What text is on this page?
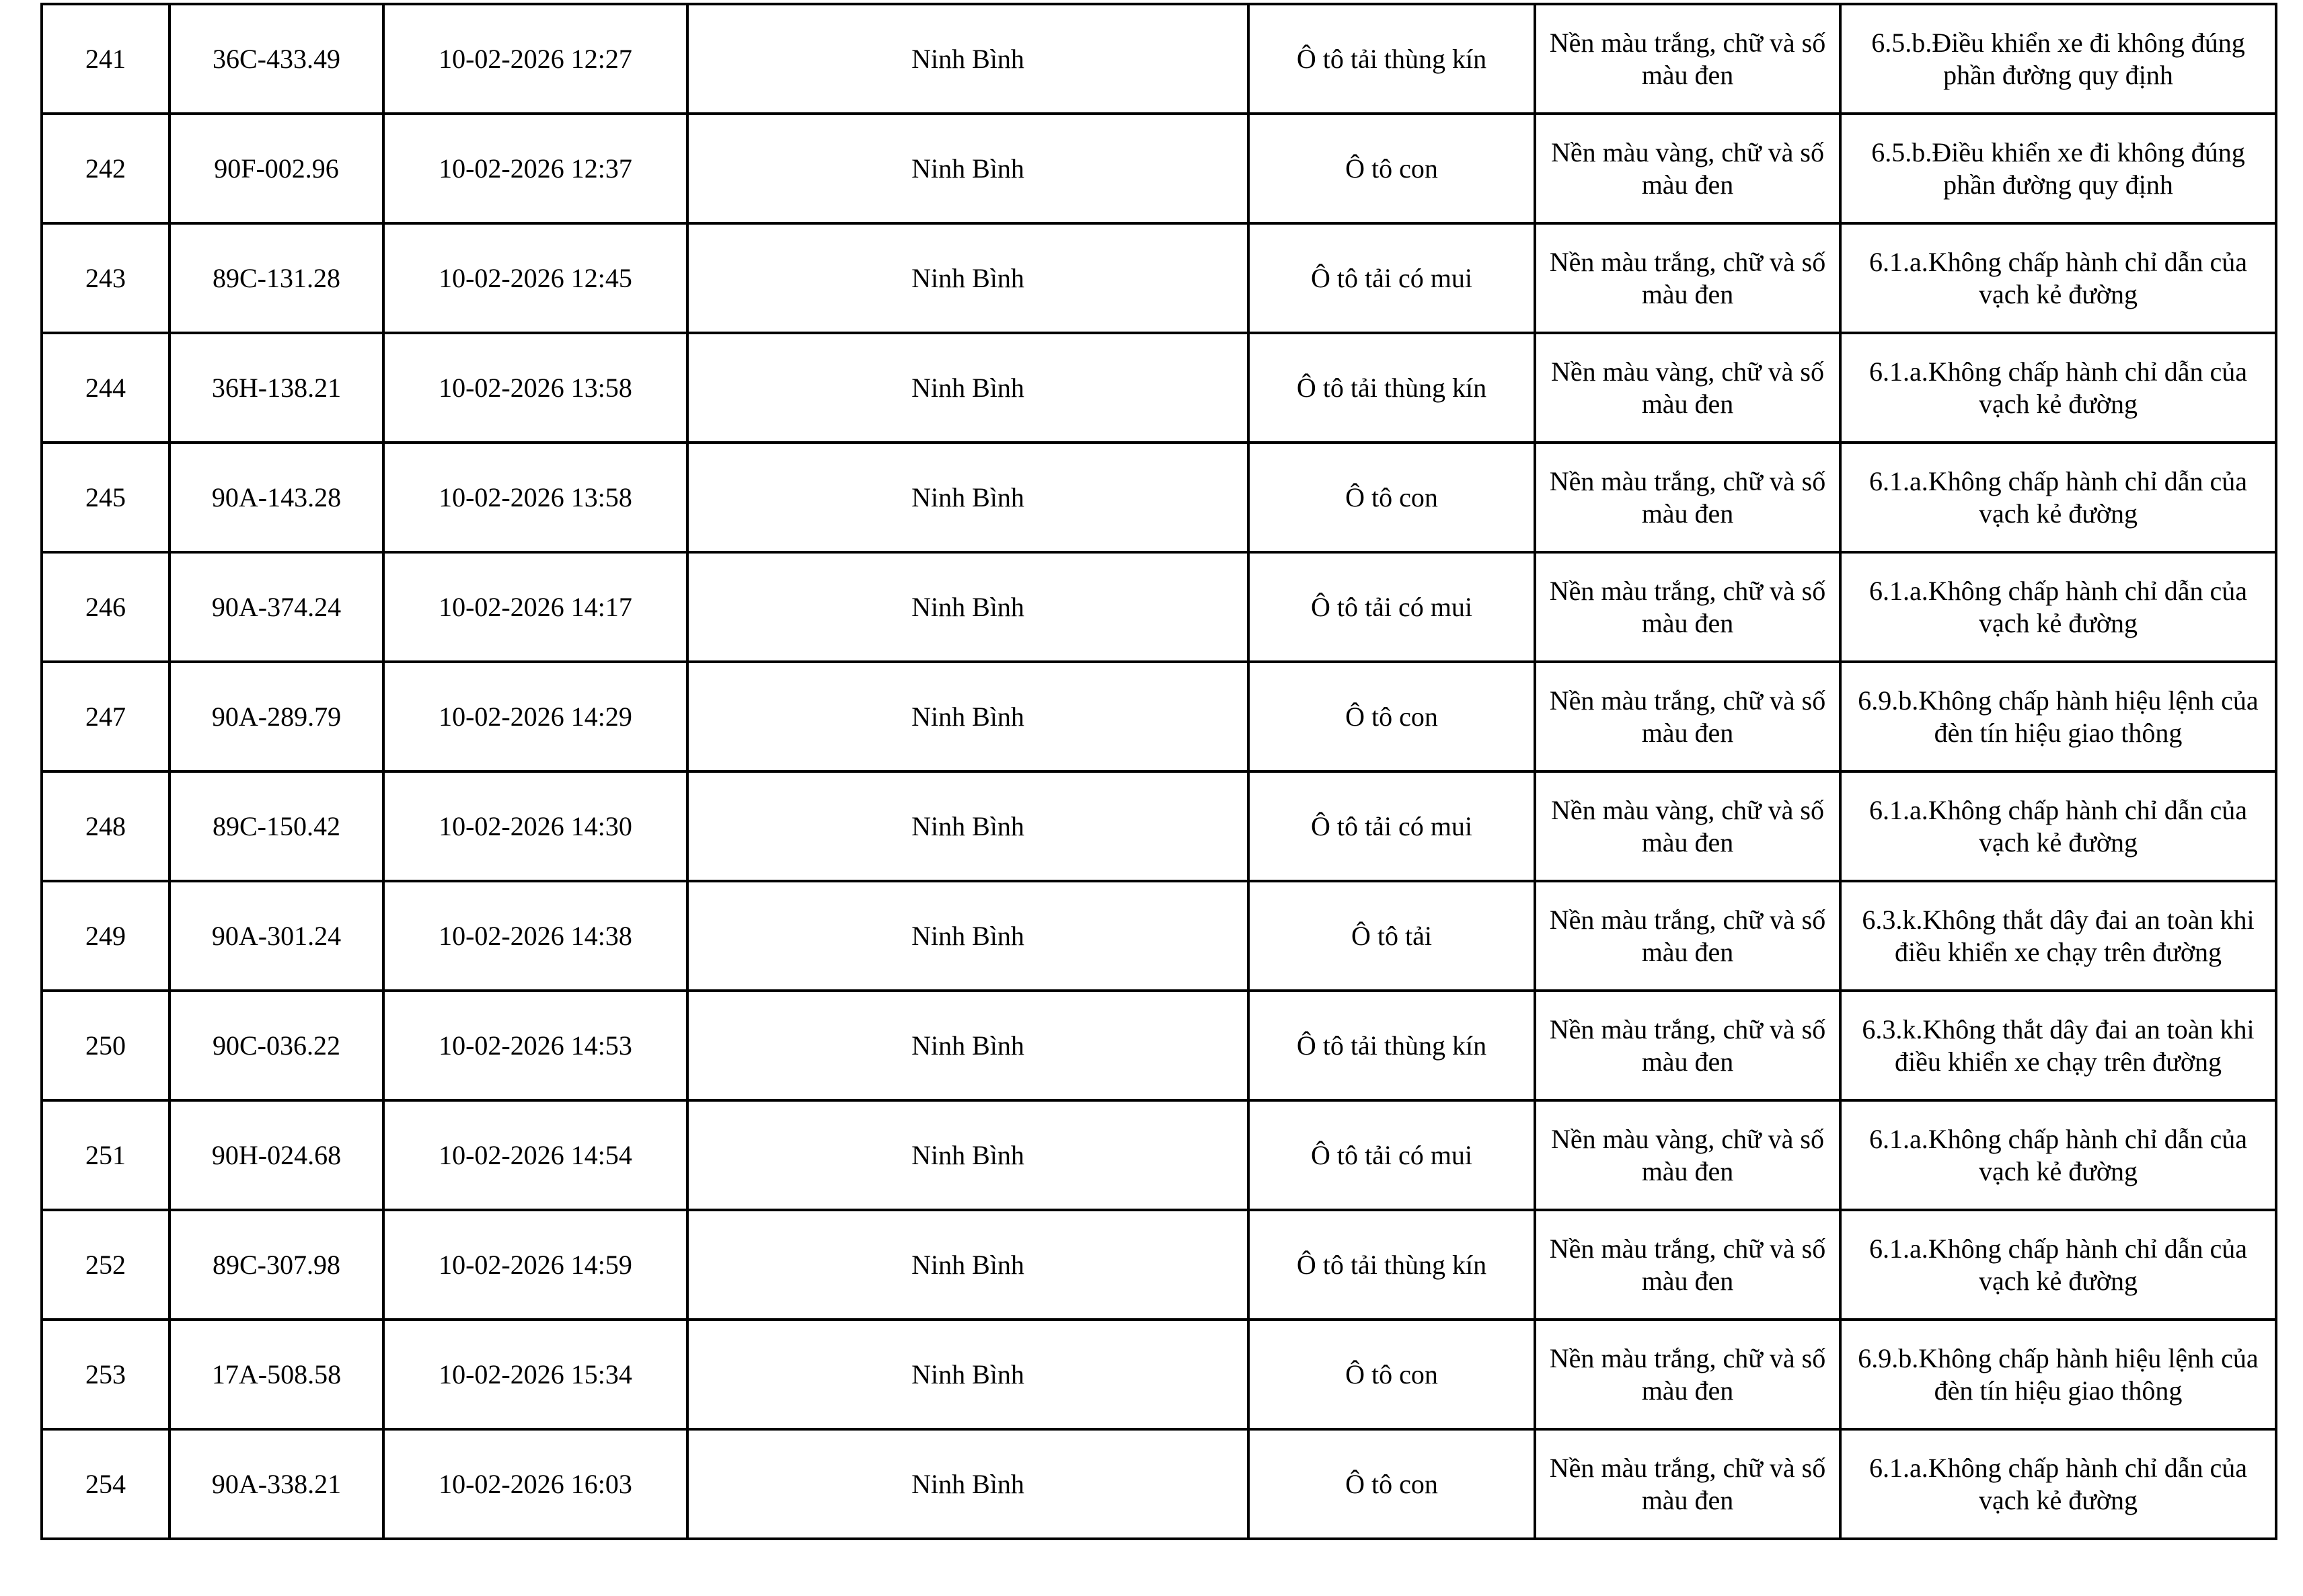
241	36C-433.49	10-02-2026 12:27	Ninh Bình	Ô tô tải thùng kín	Nền màu trắng, chữ và số màu đen	6.5.b.Điều khiển xe đi không đúng phần đường quy định
242	90F-002.96	10-02-2026 12:37	Ninh Bình	Ô tô con	Nền màu vàng, chữ và số màu đen	6.5.b.Điều khiển xe đi không đúng phần đường quy định
243	89C-131.28	10-02-2026 12:45	Ninh Bình	Ô tô tải có mui	Nền màu trắng, chữ và số màu đen	6.1.a.Không chấp hành chỉ dẫn của vạch kẻ đường
244	36H-138.21	10-02-2026 13:58	Ninh Bình	Ô tô tải thùng kín	Nền màu vàng, chữ và số màu đen	6.1.a.Không chấp hành chỉ dẫn của vạch kẻ đường
245	90A-143.28	10-02-2026 13:58	Ninh Bình	Ô tô con	Nền màu trắng, chữ và số màu đen	6.1.a.Không chấp hành chỉ dẫn của vạch kẻ đường
246	90A-374.24	10-02-2026 14:17	Ninh Bình	Ô tô tải có mui	Nền màu trắng, chữ và số màu đen	6.1.a.Không chấp hành chỉ dẫn của vạch kẻ đường
247	90A-289.79	10-02-2026 14:29	Ninh Bình	Ô tô con	Nền màu trắng, chữ và số màu đen	6.9.b.Không chấp hành hiệu lệnh của đèn tín hiệu giao thông
248	89C-150.42	10-02-2026 14:30	Ninh Bình	Ô tô tải có mui	Nền màu vàng, chữ và số màu đen	6.1.a.Không chấp hành chỉ dẫn của vạch kẻ đường
249	90A-301.24	10-02-2026 14:38	Ninh Bình	Ô tô tải	Nền màu trắng, chữ và số màu đen	6.3.k.Không thắt dây đai an toàn khi điều khiển xe chạy trên đường
250	90C-036.22	10-02-2026 14:53	Ninh Bình	Ô tô tải thùng kín	Nền màu trắng, chữ và số màu đen	6.3.k.Không thắt dây đai an toàn khi điều khiển xe chạy trên đường
251	90H-024.68	10-02-2026 14:54	Ninh Bình	Ô tô tải có mui	Nền màu vàng, chữ và số màu đen	6.1.a.Không chấp hành chỉ dẫn của vạch kẻ đường
252	89C-307.98	10-02-2026 14:59	Ninh Bình	Ô tô tải thùng kín	Nền màu trắng, chữ và số màu đen	6.1.a.Không chấp hành chỉ dẫn của vạch kẻ đường
253	17A-508.58	10-02-2026 15:34	Ninh Bình	Ô tô con	Nền màu trắng, chữ và số màu đen	6.9.b.Không chấp hành hiệu lệnh của đèn tín hiệu giao thông
254	90A-338.21	10-02-2026 16:03	Ninh Bình	Ô tô con	Nền màu trắng, chữ và số màu đen	6.1.a.Không chấp hành chỉ dẫn của vạch kẻ đường
